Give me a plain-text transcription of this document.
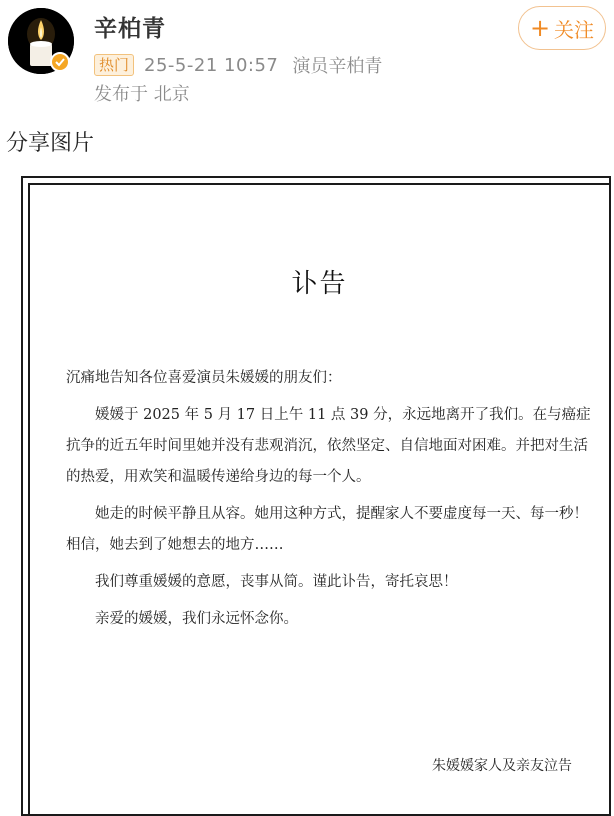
辛柏青
热门 25-5-21 10:57 演员辛柏青
发布于 北京
+ 关注
分享图片
讣告

沉痛地告知各位喜爱演员朱媛媛的朋友们：

媛媛于 2025 年 5 月 17 日上午 11 点 39 分，永远地离开了我们。在与癌症抗争的近五年时间里她并没有悲观消沉，依然坚定、自信地面对困难。并把对生活的热爱，用欢笑和温暖传递给身边的每一个人。

她走的时候平静且从容。她用这种方式，提醒家人不要虚度每一天、每一秒！相信，她去到了她想去的地方……

我们尊重媛媛的意愿，丧事从简。谨此讣告，寄托哀思！

亲爱的媛媛，我们永远怀念你。

朱媛媛家人及亲友泣告
